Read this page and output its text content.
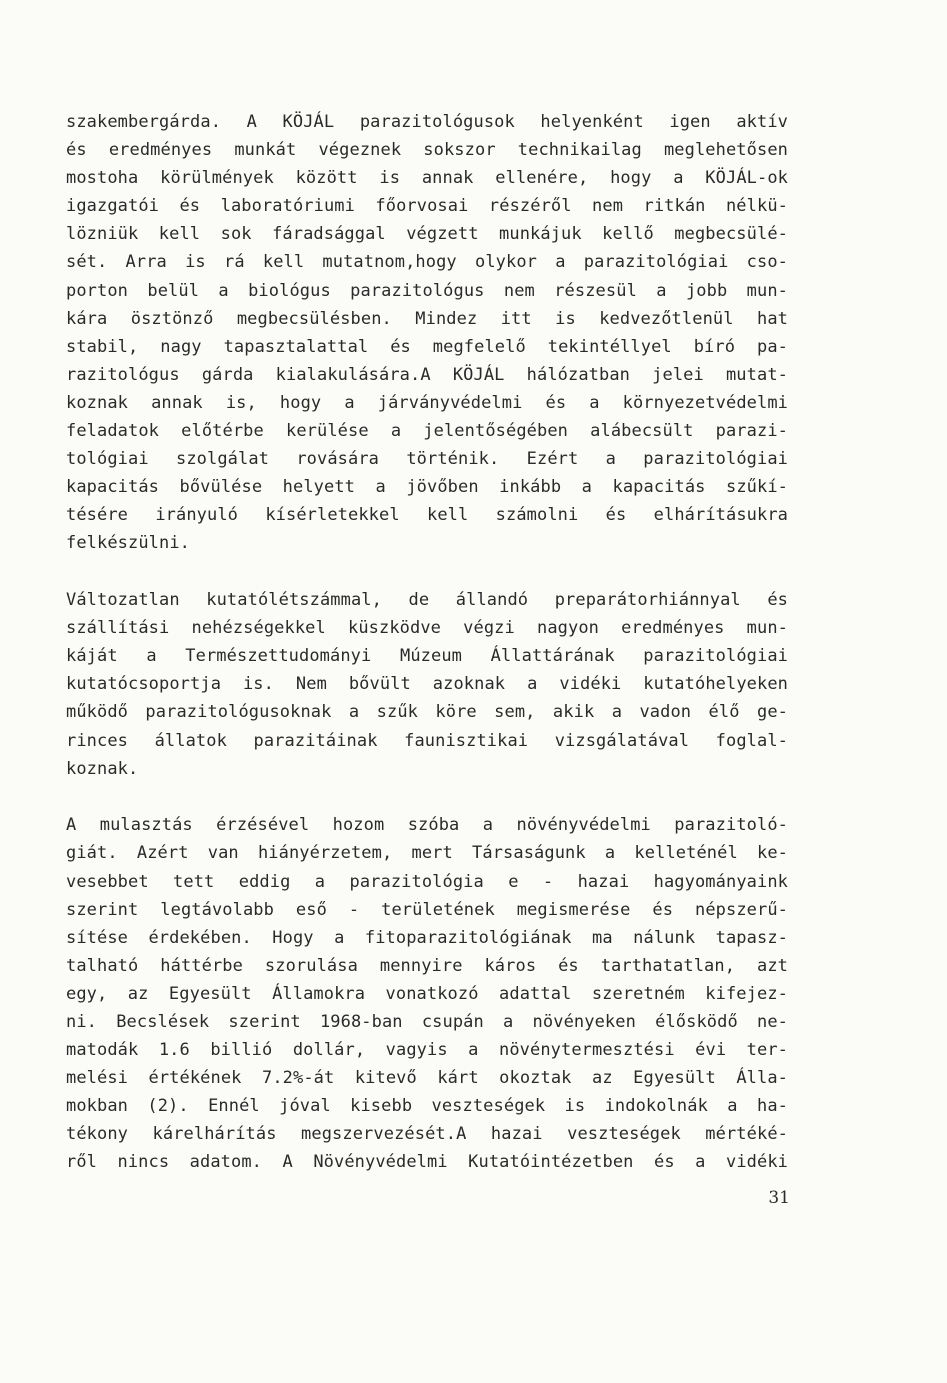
szakembergárda. A KÖJÁL parazitológusok helyenként igen aktív
és eredményes munkát végeznek sokszor technikailag meglehetősen
mostoha körülmények között is annak ellenére, hogy a KÖJÁL-ok
igazgatói és laboratóriumi főorvosai részéről nem ritkán nélkü-
lözniük kell sok fáradsággal végzett munkájuk kellő megbecsülé-
sét. Arra is rá kell mutatnom,hogy olykor a parazitológiai cso-
porton belül a biológus parazitológus nem részesül a jobb mun-
kára ösztönző megbecsülésben. Mindez itt is kedvezőtlenül hat
stabil, nagy tapasztalattal és megfelelő tekintéllyel bíró pa-
razitológus gárda kialakulására.A KÖJÁL hálózatban jelei mutat-
koznak annak is, hogy a járványvédelmi és a környezetvédelmi
feladatok előtérbe kerülése a jelentőségében alábecsült parazi-
tológiai szolgálat rovására történik. Ezért a parazitológiai
kapacitás bővülése helyett a jövőben inkább a kapacitás szűkí-
tésére irányuló kísérletekkel kell számolni és elhárításukra
felkészülni.
Változatlan kutatólétszámmal, de állandó preparátorhiánnyal és
szállítási nehézségekkel küszködve végzi nagyon eredményes mun-
káját a Természettudományi Múzeum Állattárának parazitológiai
kutatócsoportja is. Nem bővült azoknak a vidéki kutatóhelyeken
működő parazitológusoknak a szűk köre sem, akik a vadon élő ge-
rinces állatok parazitáinak faunisztikai vizsgálatával foglal-
koznak.
A mulasztás érzésével hozom szóba a növényvédelmi parazitoló-
giát. Azért van hiányérzetem, mert Társaságunk a kelleténél ke-
vesebbet tett eddig a parazitológia e - hazai hagyományaink
szerint legtávolabb eső - területének megismerése és népszerű-
sítése érdekében. Hogy a fitoparazitológiának ma nálunk tapasz-
talható háttérbe szorulása mennyire káros és tarthatatlan, azt
egy, az Egyesült Államokra vonatkozó adattal szeretném kifejez-
ni. Becslések szerint 1968-ban csupán a növényeken élősködő ne-
matodák 1.6 billió dollár, vagyis a növénytermesztési évi ter-
melési értékének 7.2%-át kitevő kárt okoztak az Egyesült Álla-
mokban (2). Ennél jóval kisebb veszteségek is indokolnák a ha-
tékony kárelhárítás megszervezését.A hazai veszteségek mértéké-
ről nincs adatom. A Növényvédelmi Kutatóintézetben és a vidéki
31
